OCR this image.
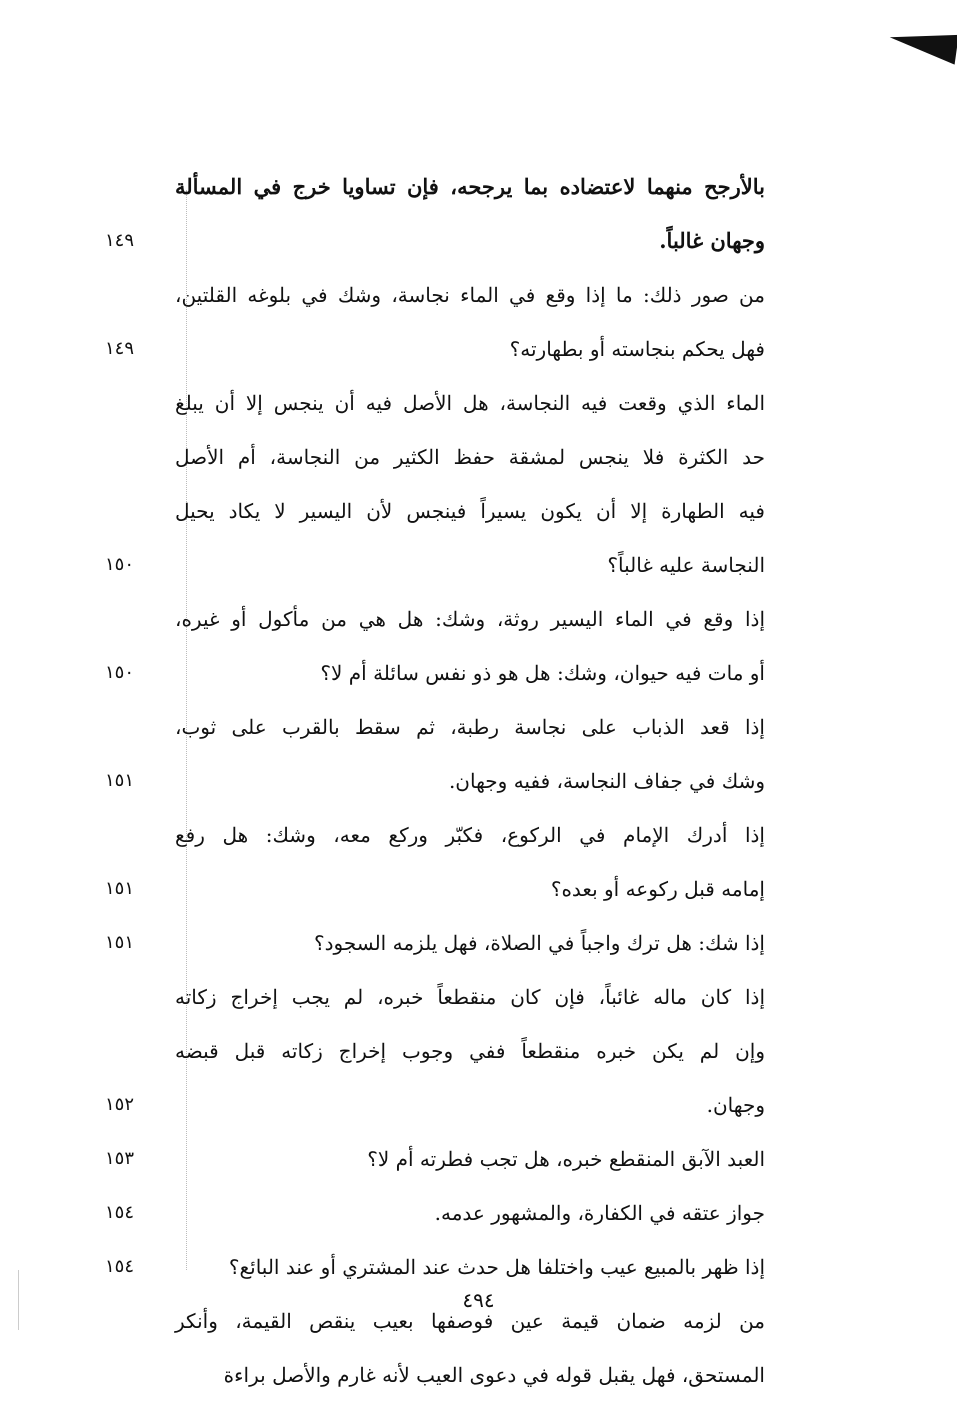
بالأرجح منهما لاعتضاده بما يرجحه، فإن تساويا خرج في المسألة
وجهان غالباً.
١٤٩
من صور ذلك: ما إذا وقع في الماء نجاسة، وشك في بلوغه القلتين،
فهل يحكم بنجاسته أو بطهارته؟
١٤٩
الماء الذي وقعت فيه النجاسة، هل الأصل فيه أن ينجس إلا أن يبلغ
حد الكثرة فلا ينجس لمشقة حفظ الكثير من النجاسة، أم الأصل
فيه الطهارة إلا أن يكون يسيراً فينجس لأن اليسير لا يكاد يحيل
النجاسة عليه غالباً؟
١٥٠
إذا وقع في الماء اليسير روثة، وشك: هل هي من مأكول أو غيره،
أو مات فيه حيوان، وشك: هل هو ذو نفس سائلة أم لا؟
١٥٠
إذا قعد الذباب على نجاسة رطبة، ثم سقط بالقرب على ثوب،
وشك في جفاف النجاسة، ففيه وجهان.
١٥١
إذا أدرك الإمام في الركوع، فكبّر وركع معه، وشك: هل رفع
إمامه قبل ركوعه أو بعده؟
١٥١
إذا شك: هل ترك واجباً في الصلاة، فهل يلزمه السجود؟
١٥١
إذا كان ماله غائباً، فإن كان منقطعاً خبره، لم يجب إخراج زكاته
وإن لم يكن خبره منقطعاً ففي وجوب إخراج زكاته قبل قبضه
وجهان.
١٥٢
العبد الآبق المنقطع خبره، هل تجب فطرته أم لا؟
١٥٣
جواز عتقه في الكفارة، والمشهور عدمه.
١٥٤
إذا ظهر بالمبيع عيب واختلفا هل حدث عند المشتري أو عند البائع؟
١٥٤
من لزمه ضمان قيمة عين فوصفها بعيب ينقص القيمة، وأنكر
المستحق، فهل يقبل قوله في دعوى العيب لأنه غارم والأصل براءة
٤٩٤
